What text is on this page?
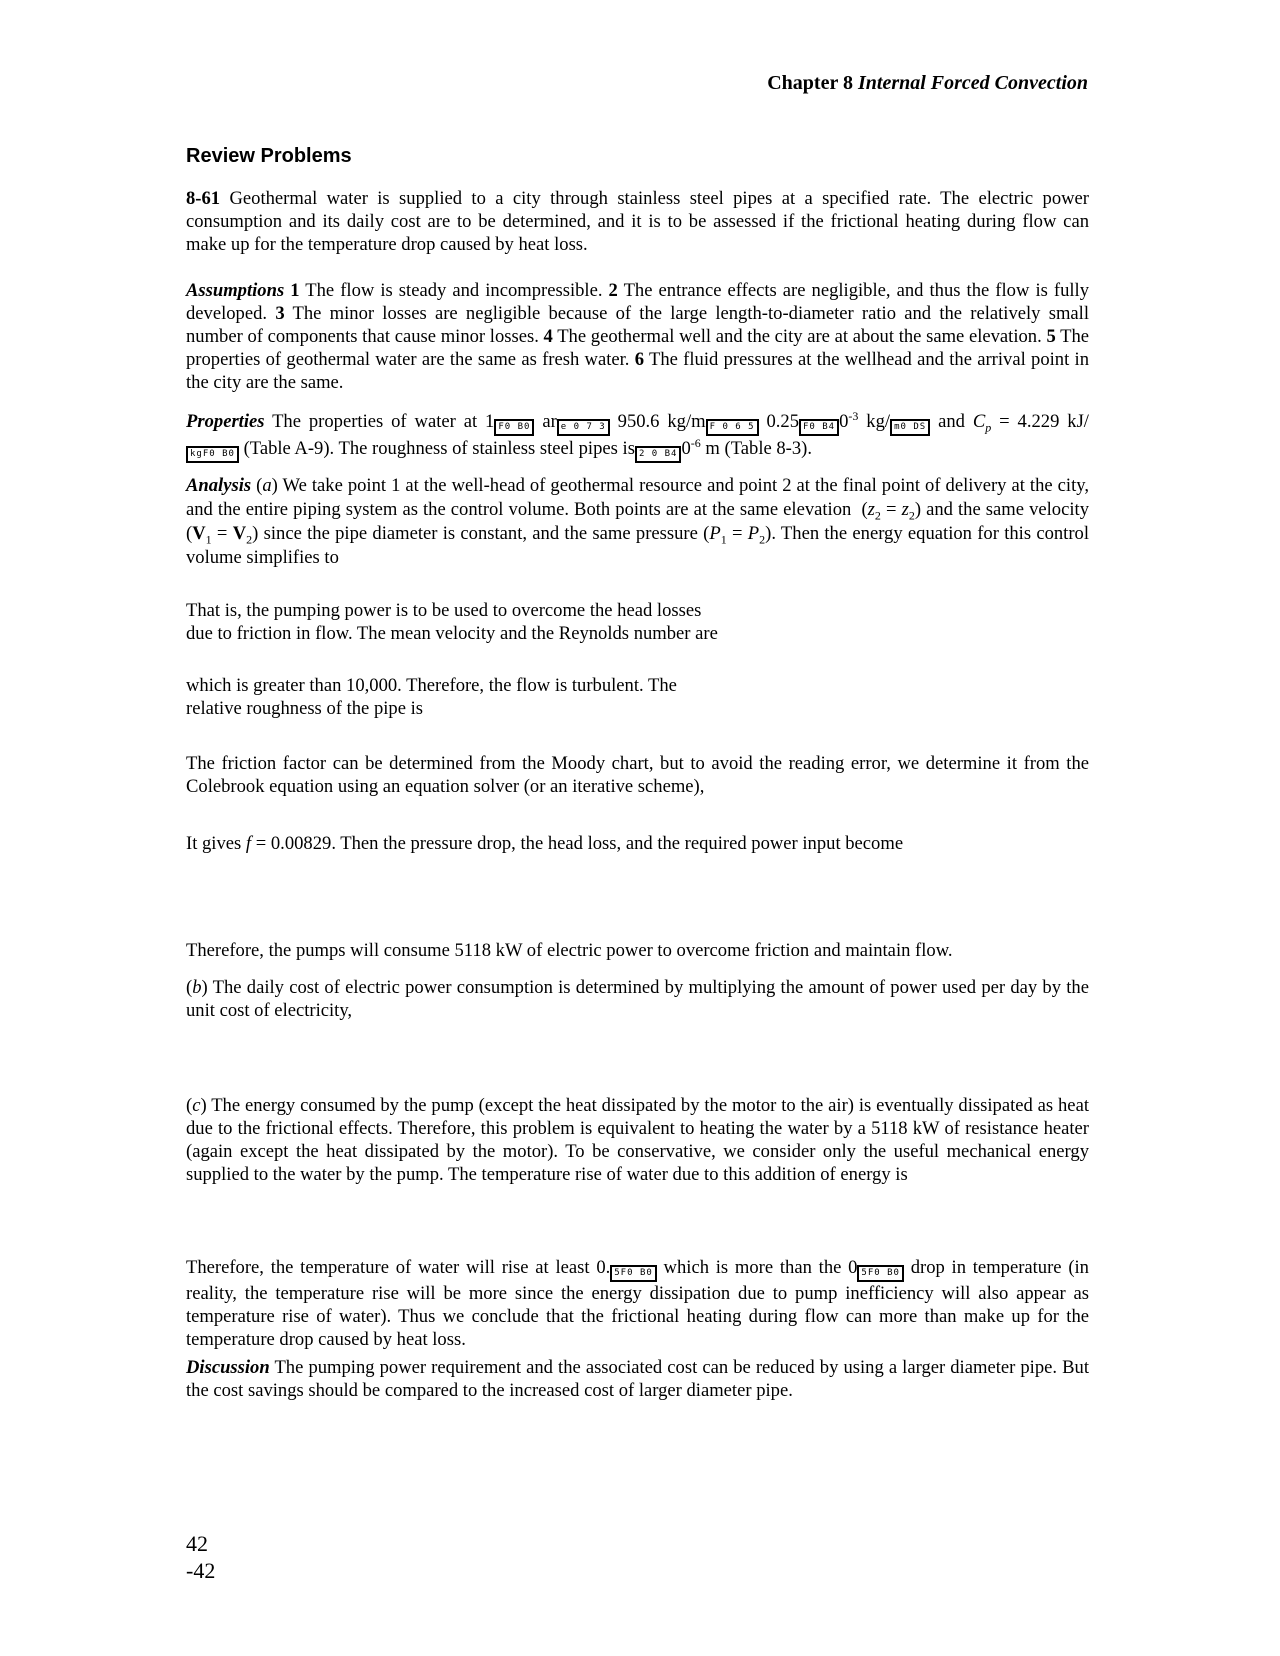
Chapter 8 Internal Forced Convection
Review Problems
8-61 Geothermal water is supplied to a city through stainless steel pipes at a specified rate. The electric power consumption and its daily cost are to be determined, and it is to be assessed if the frictional heating during flow can make up for the temperature drop caused by heat loss.
Assumptions 1 The flow is steady and incompressible. 2 The entrance effects are negligible, and thus the flow is fully developed. 3 The minor losses are negligible because of the large length-to-diameter ratio and the relatively small number of components that cause minor losses. 4 The geothermal well and the city are at about the same elevation. 5 The properties of geothermal water are the same as fresh water. 6 The fluid pressures at the wellhead and the arrival point in the city are the same.
Properties The properties of water at 1 F0 B0 ar e 0 7 3 950.6 kg/m F 0 6 5 0.25 F0 B4 $0^{-3}$ kg/ m0 DS and $C_p = 4.229$ kJ/kgF0 B0 (Table A-9). The roughness of stainless steel pipes is 2 0 B4 $0^{-6}$ m (Table 8-3).
Analysis (a) We take point 1 at the well-head of geothermal resource and point 2 at the final point of delivery at the city, and the entire piping system as the control volume. Both points are at the same elevation  $(z_2 = z_2)$ and the same velocity $(V_1 = V_2)$ since the pipe diameter is constant, and the same pressure $(P_1 = P_2)$. Then the energy equation for this control volume simplifies to
That is, the pumping power is to be used to overcome the head losses
due to friction in flow. The mean velocity and the Reynolds number are
which is greater than 10,000. Therefore, the flow is turbulent. The
relative roughness of the pipe is
The friction factor can be determined from the Moody chart, but to avoid the reading error, we determine it from the Colebrook equation using an equation solver (or an iterative scheme),
It gives f = 0.00829. Then the pressure drop, the head loss, and the required power input become
Therefore, the pumps will consume 5118 kW of electric power to overcome friction and maintain flow.
(b) The daily cost of electric power consumption is determined by multiplying the amount of power used per day by the unit cost of electricity,
(c) The energy consumed by the pump (except the heat dissipated by the motor to the air) is eventually dissipated as heat due to the frictional effects. Therefore, this problem is equivalent to heating the water by a 5118 kW of resistance heater (again except the heat dissipated by the motor). To be conservative, we consider only the useful mechanical energy supplied to the water by the pump. The temperature rise of water due to this addition of energy is
Therefore, the temperature of water will rise at least 0. 5F0 B0 which is more than the 0 5F0 B0 drop in temperature (in reality, the temperature rise will be more since the energy dissipation due to pump inefficiency will also appear as temperature rise of water). Thus we conclude that the frictional heating during flow can more than make up for the temperature drop caused by heat loss.
Discussion The pumping power requirement and the associated cost can be reduced by using a larger diameter pipe. But the cost savings should be compared to the increased cost of larger diameter pipe.
42
-42
